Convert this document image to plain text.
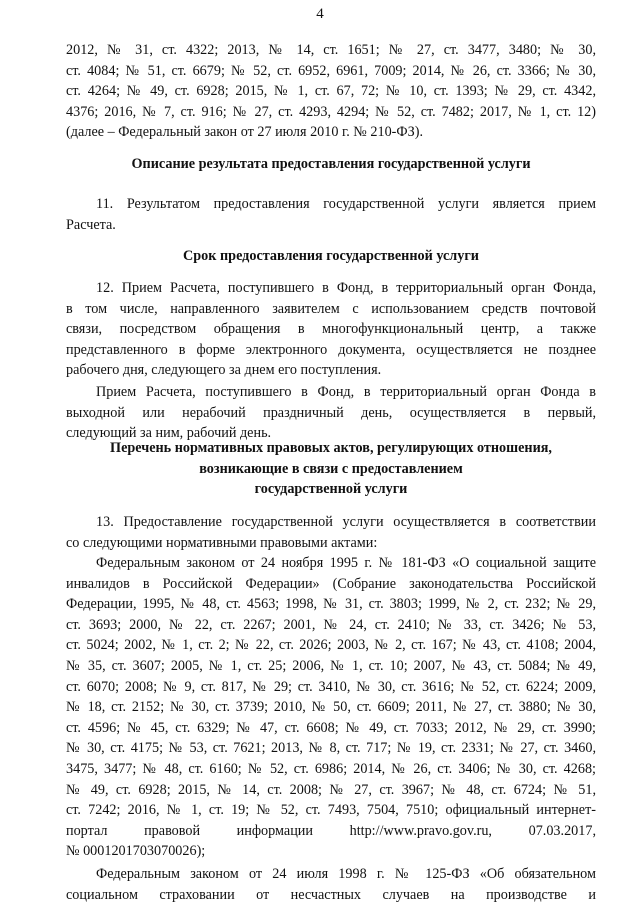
4
2012, № 31, ст. 4322; 2013, № 14, ст. 1651; № 27, ст. 3477, 3480; № 30,
ст. 4084; № 51, ст. 6679; № 52, ст. 6952, 6961, 7009; 2014, № 26, ст. 3366; № 30,
ст. 4264; № 49, ст. 6928; 2015, № 1, ст. 67, 72; № 10, ст. 1393; № 29, ст. 4342,
4376; 2016, № 7, ст. 916; № 27, ст. 4293, 4294; № 52, ст. 7482; 2017, № 1, ст. 12)
(далее – Федеральный закон от 27 июля 2010 г. № 210-ФЗ).
Описание результата предоставления государственной услуги
11. Результатом предоставления государственной услуги является прием
Расчета.
Срок предоставления государственной услуги
12. Прием Расчета, поступившего в Фонд, в территориальный орган Фонда,
в том числе, направленного заявителем с использованием средств почтовой
связи, посредством обращения в многофункциональный центр, а также
представленного в форме электронного документа, осуществляется не позднее
рабочего дня, следующего за днем его поступления.
Прием Расчета, поступившего в Фонд, в территориальный орган Фонда в
выходной или нерабочий праздничный день, осуществляется в первый,
следующий за ним, рабочий день.
Перечень нормативных правовых актов, регулирующих отношения,
возникающие в связи с предоставлением
государственной услуги
13. Предоставление государственной услуги осуществляется в соответствии
со следующими нормативными правовыми актами:
Федеральным законом от 24 ноября 1995 г. № 181-ФЗ «О социальной защите
инвалидов в Российской Федерации» (Собрание законодательства Российской
Федерации, 1995, № 48, ст. 4563; 1998, № 31, ст. 3803; 1999, № 2, ст. 232; № 29,
ст. 3693; 2000, № 22, ст. 2267; 2001, № 24, ст. 2410; № 33, ст. 3426; № 53,
ст. 5024; 2002, № 1, ст. 2; № 22, ст. 2026; 2003, № 2, ст. 167; № 43, ст. 4108; 2004,
№ 35, ст. 3607; 2005, № 1, ст. 25; 2006, № 1, ст. 10; 2007, № 43, ст. 5084; № 49,
ст. 6070; 2008; № 9, ст. 817, № 29; ст. 3410, № 30, ст. 3616; № 52, ст. 6224; 2009,
№ 18, ст. 2152; № 30, ст. 3739; 2010, № 50, ст. 6609; 2011, № 27, ст. 3880; № 30,
ст. 4596; № 45, ст. 6329; № 47, ст. 6608; № 49, ст. 7033; 2012, № 29, ст. 3990;
№ 30, ст. 4175; № 53, ст. 7621; 2013, № 8, ст. 717; № 19, ст. 2331; № 27, ст. 3460,
3475, 3477; № 48, ст. 6160; № 52, ст. 6986; 2014, № 26, ст. 3406; № 30, ст. 4268;
№ 49, ст. 6928; 2015, № 14, ст. 2008; № 27, ст. 3967; № 48, ст. 6724; № 51,
ст. 7242; 2016, № 1, ст. 19; № 52, ст. 7493, 7504, 7510; официальный интернет-
портал правовой информации http://www.pravo.gov.ru, 07.03.2017,
№ 0001201703070026);
Федеральным законом от 24 июля 1998 г. № 125-ФЗ «Об обязательном
социальном страховании от несчастных случаев на производстве и
